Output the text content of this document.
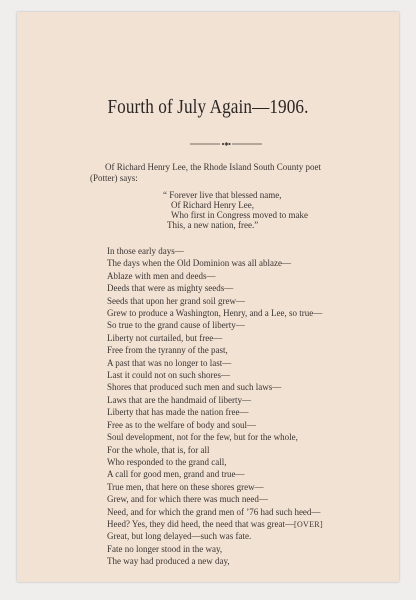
Fourth of July Again—1906.
Of Richard Henry Lee, the Rhode Island South County poet
(Potter) says:
“ Forever live that blessed name,
Of Richard Henry Lee,
Who first in Congress moved to make
This, a new nation, free.”
In those early days—
The days when the Old Dominion was all ablaze—
Ablaze with men and deeds—
Deeds that were as mighty seeds—
Seeds that upon her grand soil grew—
Grew to produce a Washington, Henry, and a Lee, so true—
So true to the grand cause of liberty—
Liberty not curtailed, but free—
Free from the tyranny of the past,
A past that was no longer to last—
Last it could not on such shores—
Shores that produced such men and such laws—
Laws that are the handmaid of liberty—
Liberty that has made the nation free—
Free as to the welfare of body and soul—
Soul development, not for the few, but for the whole,
For the whole, that is, for all
Who responded to the grand call,
A call for good men, grand and true—
True men, that here on these shores grew—
Grew, and for which there was much need—
Need, and for which the grand men of ’76 had such heed—
Heed? Yes, they did heed, the need that was great—
Great, but long delayed—such was fate.
Fate no longer stood in the way,
The way had produced a new day,
[OVER]
